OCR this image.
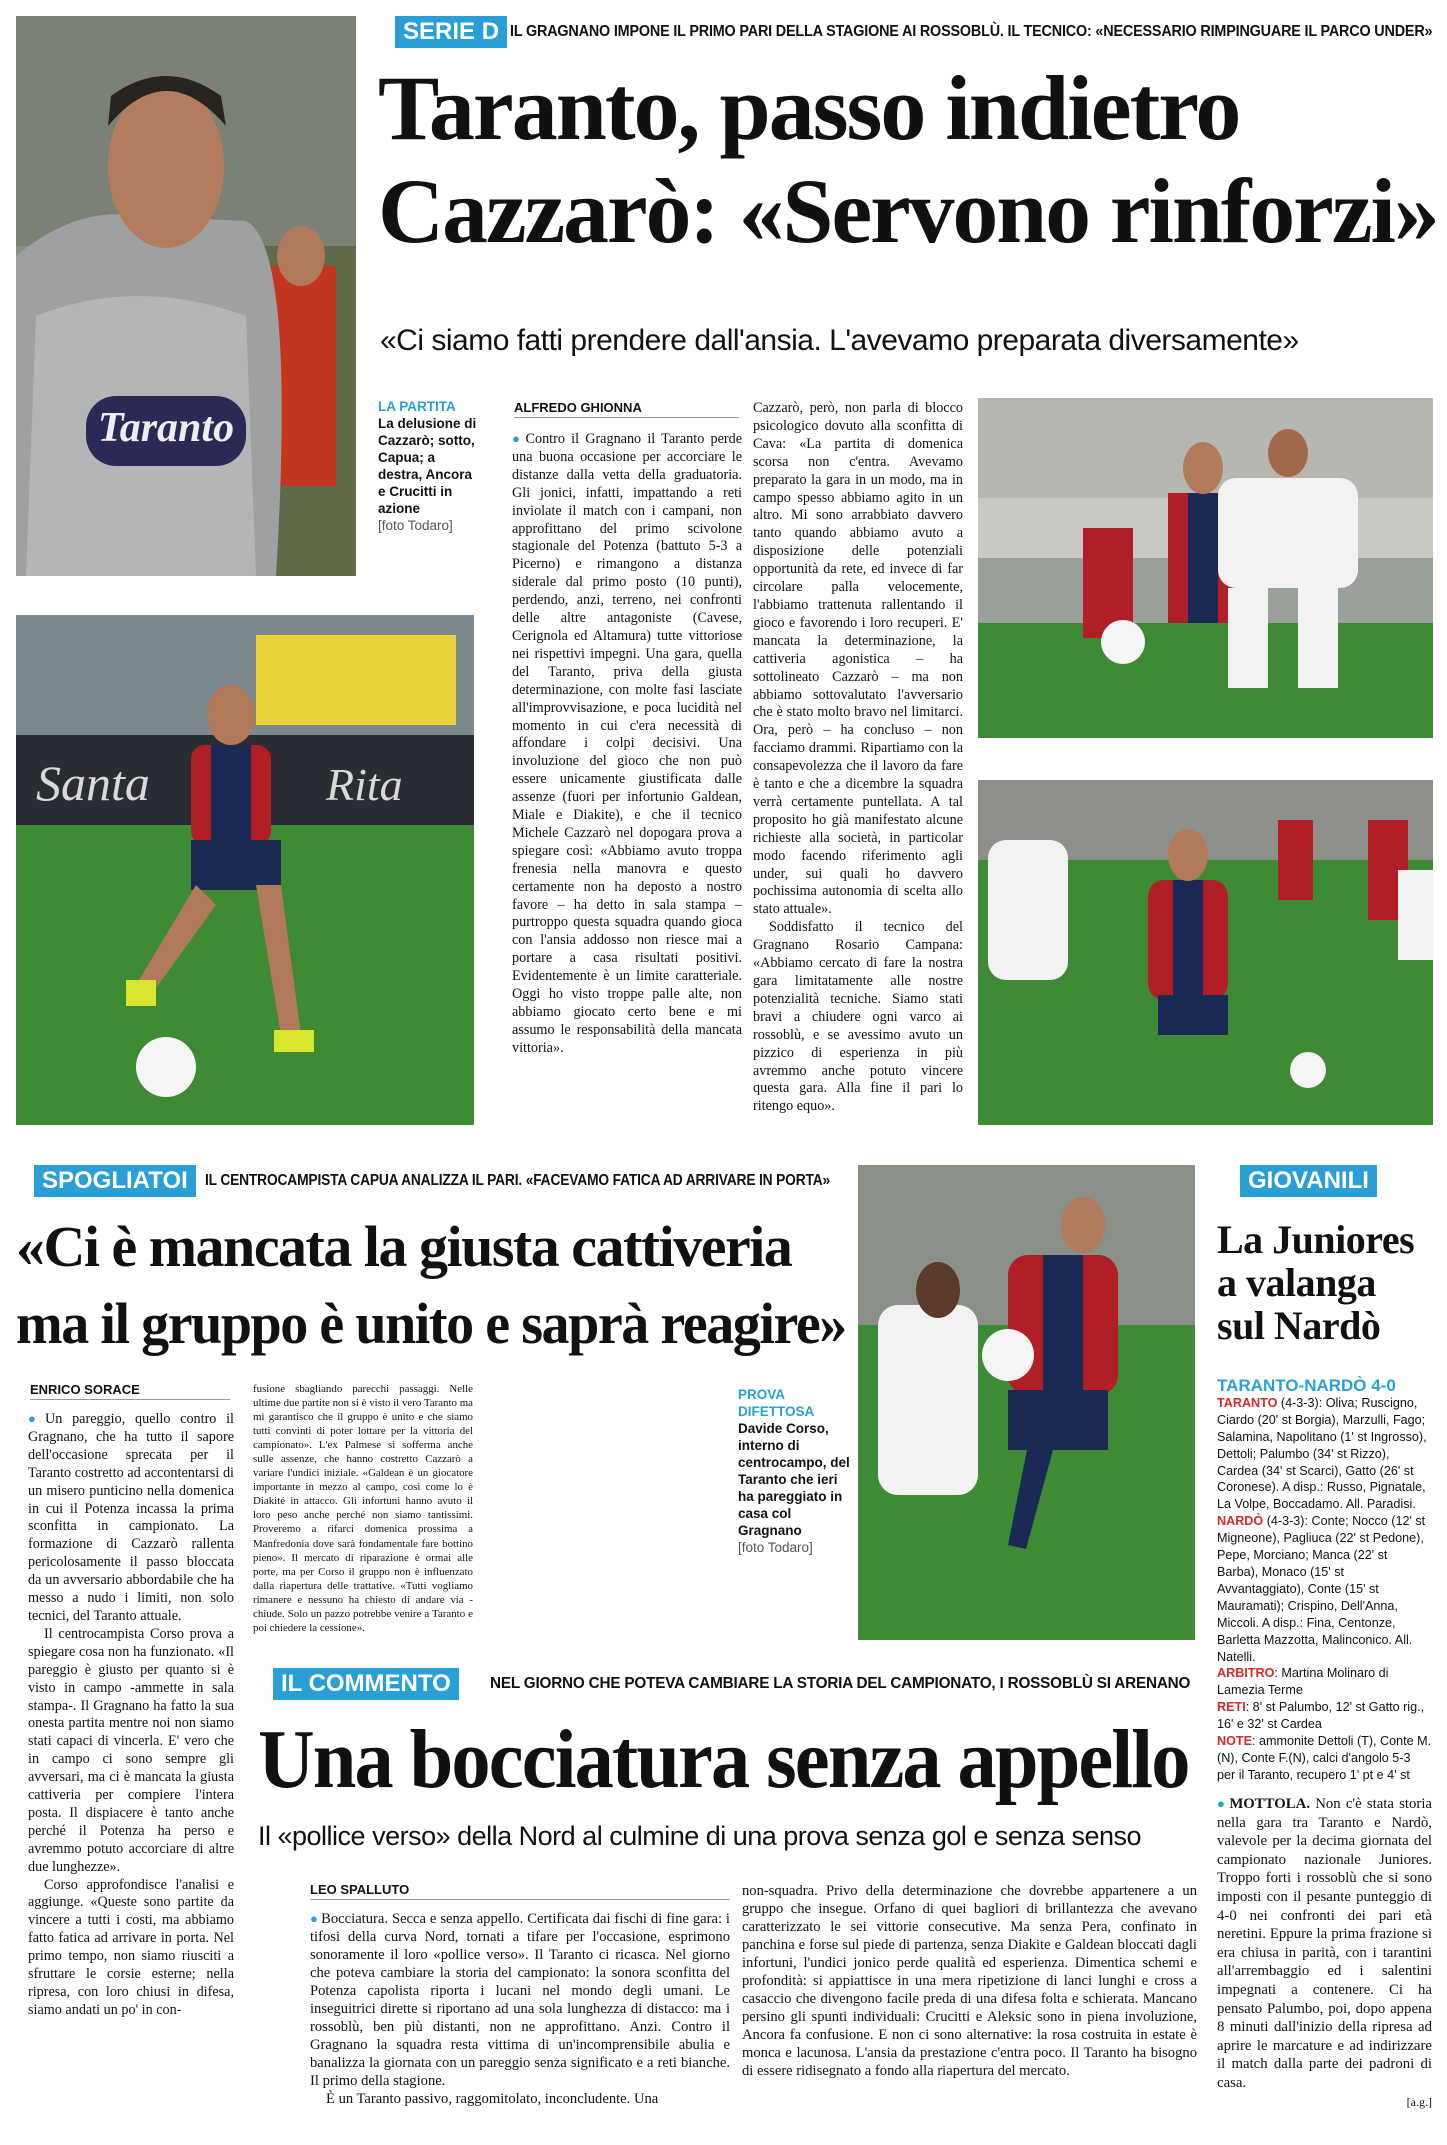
SERIE D IL GRAGNANO IMPONE IL PRIMO PARI DELLA STAGIONE AI ROSSOBLÙ. IL TECNICO: «NECESSARIO RIMPINGUARE IL PARCO UNDER»
Taranto, passo indietro
Cazzarò: «Servono rinforzi»
«Ci siamo fatti prendere dall'ansia. L'avevamo preparata diversamente»
Taranto	LA PARTITA
La delusione di Cazzarò; sotto, Capua; a destra, Ancora e Crucitti in azione
[foto Todaro]
ALFREDO GHIONNA

● Contro il Gragnano il Taranto perde una buona occasione per accorciare le distanze dalla vetta della graduatoria. Gli jonici, infatti, impattando a reti inviolate il match con i campani, non approfittano del primo scivolone stagionale del Potenza (battuto 5-3 a Picerno) e rimangono a distanza siderale dal primo posto (10 punti), perdendo, anzi, terreno, nei confronti delle altre antagoniste (Cavese, Cerignola ed Altamura) tutte vittoriose nei rispettivi impegni. Una gara, quella del Taranto, priva della giusta determinazione, con molte fasi lasciate all'improvvisazione, e poca lucidità nel momento in cui c'era necessità di affondare i colpi decisivi. Una involuzione del gioco che non può essere unicamente giustificata dalle assenze (fuori per infortunio Galdean, Miale e Diakite), e che il tecnico Michele Cazzarò nel dopogara prova a spiegare così: «Abbiamo avuto troppa frenesia nella manovra e questo certamente non ha deposto a nostro favore – ha detto in sala stampa – purtroppo questa squadra quando gioca con l'ansia addosso non riesce mai a portare a casa risultati positivi. Evidentemente è un limite caratteriale. Oggi ho visto troppe palle alte, non abbiamo giocato certo bene e mi assumo le responsabilità della mancata vittoria».

Cazzarò, però, non parla di blocco psicologico dovuto alla sconfitta di Cava: «La partita di domenica scorsa non c'entra. Avevamo preparato la gara in un modo, ma in campo spesso abbiamo agito in un altro. Mi sono arrabbiato davvero tanto quando abbiamo avuto a disposizione delle potenziali opportunità da rete, ed invece di far circolare palla velocemente, l'abbiamo trattenuta rallentando il gioco e favorendo i loro recuperi. E' mancata la determinazione, la cattiveria agonistica – ha sottolineato Cazzarò – ma non abbiamo sottovalutato l'avversario che è stato molto bravo nel limitarci. Ora, però – ha concluso – non facciamo drammi. Ripartiamo con la consapevolezza che il lavoro da fare è tanto e che a dicembre la squadra verrà certamente puntellata. A tal proposito ho già manifestato alcune richieste alla società, in particolar modo facendo riferimento agli under, sui quali ho davvero pochissima autonomia di scelta allo stato attuale».

Soddisfatto il tecnico del Gragnano Rosario Campana: «Abbiamo cercato di fare la nostra gara limitatamente alle nostre potenzialità tecniche. Siamo stati bravi a chiudere ogni varco ai rossoblù, e se avessimo avuto un pizzico di esperienza in più avremmo anche potuto vincere questa gara. Alla fine il pari lo ritengo equo».

Santa	Rita
SPOGLIATOI	IL CENTROCAMPISTA CAPUA ANALIZZA IL PARI. «FACEVAMO FATICA AD ARRIVARE IN PORTA»
«Ci è mancata la giusta cattiveria
ma il gruppo è unito e saprà reagire»
ENRICO SORACE

● Un pareggio, quello contro il Gragnano, che ha tutto il sapore dell'occasione sprecata per il Taranto costretto ad accontentarsi di un misero punticino nella domenica in cui il Potenza incassa la prima sconfitta in campionato. La formazione di Cazzarò rallenta pericolosamente il passo bloccata da un avversario abbordabile che ha messo a nudo i limiti, non solo tecnici, del Taranto attuale.

Il centrocampista Corso prova a spiegare cosa non ha funzionato. «Il pareggio è giusto per quanto si è visto in campo -ammette in sala stampa-. Il Gragnano ha fatto la sua onesta partita mentre noi non siamo stati capaci di vincerla. E' vero che in campo ci sono sempre gli avversari, ma ci è mancata la giusta cattiveria per compiere l'intera posta. Il dispiacere è tanto anche perché il Potenza ha perso e avremmo potuto accorciare di altre due lunghezze».

Corso approfondisce l'analisi e aggiunge. «Queste sono partite da vincere a tutti i costi, ma abbiamo fatto fatica ad arrivare in porta. Nel primo tempo, non siamo riusciti a sfruttare le corsie esterne; nella ripresa, con loro chiusi in difesa, siamo andati un po' in con-

fusione sbagliando parecchi passaggi. Nelle ultime due partite non si è visto il vero Taranto ma mi garantisco che il gruppo è unito e che siamo tutti convinti di poter lottare per la vittoria del campionato». L'ex Palmese si sofferma anche sulle assenze, che hanno costretto Cazzarò a variare l'undici iniziale. «Galdean è un giocatore importante in mezzo al campo, così come lo è Diakité in attacco. Gli infortuni hanno avuto il loro peso anche perché non siamo tantissimi. Proveremo a rifarci domenica prossima a Manfredonia dove sarà fondamentale fare bottino pieno». Il mercato di riparazione è ormai alle porte, ma per Corso il gruppo non è influenzato dalla riapertura delle trattative. «Tutti vogliamo rimanere e nessuno ha chiesto di andare via -chiude. Solo un pazzo potrebbe venire a Taranto e poi chiedere la cessione».

PROVA DIFETTOSA
Davide Corso, interno di centrocampo, del Taranto che ieri ha pareggiato in casa col Gragnano
[foto Todaro]
GIOVANILI
La Juniores a valanga sul Nardò
TARANTO-NARDÒ 4-0

TARANTO (4-3-3): Oliva; Ruscigno, Ciardo (20' st Borgia), Marzulli, Fago; Salamina, Napolitano (1' st Ingrosso), Dettoli; Palumbo (34' st Rizzo), Cardea (34' st Scarci), Gatto (26' st Coronese). A disp.: Russo, Pignatale, La Volpe, Boccadamo. All. Paradisi.

NARDÒ (4-3-3): Conte; Nocco (12' st Migneone), Pagliuca (22' st Pedone), Pepe, Morciano; Manca (22' st Barba), Monaco (15' st Avvantaggiato), Conte (15' st Mauramati); Crispino, Dell'Anna, Miccoli. A disp.: Fina, Centonze, Barletta Mazzotta, Malinconico. All. Natelli.

ARBITRO: Martina Molinaro di Lamezia Terme

RETI: 8' st Palumbo, 12' st Gatto rig., 16' e 32' st Cardea

NOTE: ammonite Dettoli (T), Conte M. (N), Conte F.(N), calci d'angolo 5-3 per il Taranto, recupero 1' pt e 4' st

● MOTTOLA. Non c'è stata storia nella gara tra Taranto e Nardò, valevole per la decima giornata del campionato nazionale Juniores. Troppo forti i rossoblù che si sono imposti con il pesante punteggio di 4-0 nei confronti dei pari età neretini. Eppure la prima frazione si era chiusa in parità, con i tarantini all'arrembaggio ed i salentini impegnati a contenere. Ci ha pensato Palumbo, poi, dopo appena 8 minuti dall'inizio della ripresa ad aprire le marcature e ad indirizzare il match dalla parte dei padroni di casa.

[a.g.]

IL COMMENTO	NEL GIORNO CHE POTEVA CAMBIARE LA STORIA DEL CAMPIONATO, I ROSSOBLÙ SI ARENANO
Una bocciatura senza appello
Il «pollice verso» della Nord al culmine di una prova senza gol e senza senso
LEO SPALLUTO

● Bocciatura. Secca e senza appello. Certificata dai fischi di fine gara: i tifosi della curva Nord, tornati a tifare per l'occasione, esprimono sonoramente il loro «pollice verso». Il Taranto ci ricasca. Nel giorno che poteva cambiare la storia del campionato: la sonora sconfitta del Potenza capolista riporta i lucani nel mondo degli umani. Le inseguitrici dirette si riportano ad una sola lunghezza di distacco: ma i rossoblù, ben più distanti, non ne approfittano. Anzi. Contro il Gragnano la squadra resta vittima di un'incomprensibile abulia e banalizza la giornata con un pareggio senza significato e a reti bianche. Il primo della stagione.

È un Taranto passivo, raggomitolato, inconcludente. Una

non-squadra. Privo della determinazione che dovrebbe appartenere a un gruppo che insegue. Orfano di quei bagliori di brillantezza che avevano caratterizzato le sei vittorie consecutive. Ma senza Pera, confinato in panchina e forse sul piede di partenza, senza Diakite e Galdean bloccati dagli infortuni, l'undici jonico perde qualità ed esperienza. Dimentica schemi e profondità: si appiattisce in una mera ripetizione di lanci lunghi e cross a casaccio che divengono facile preda di una difesa folta e schierata. Mancano persino gli spunti individuali: Crucitti e Aleksic sono in piena involuzione, Ancora fa confusione. E non ci sono alternative: la rosa costruita in estate è monca e lacunosa. L'ansia da prestazione c'entra poco. Il Taranto ha bisogno di essere ridisegnato a fondo alla riapertura del mercato.
